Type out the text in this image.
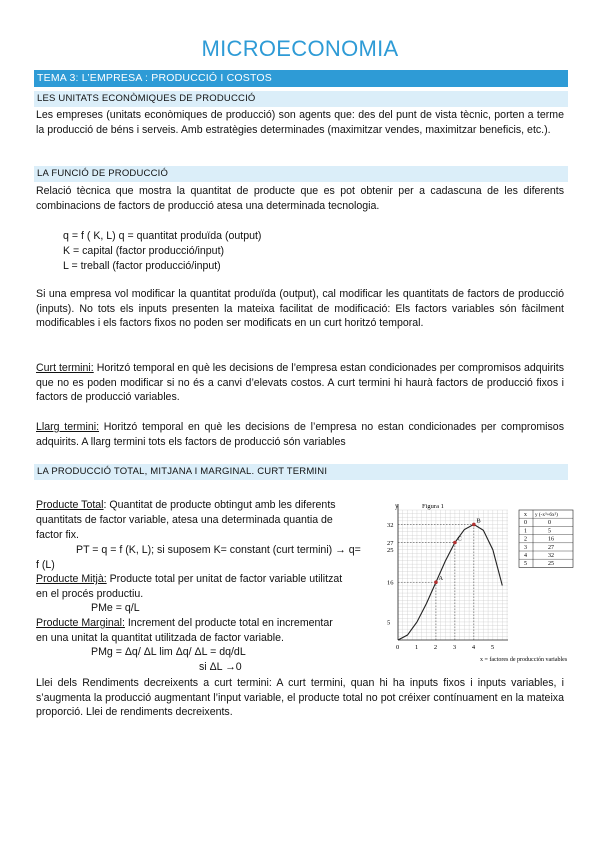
MICROECONOMIA
TEMA 3: L’EMPRESA : PRODUCCIÓ I COSTOS
LES UNITATS ECONÒMIQUES DE PRODUCCIÓ

Les empreses (unitats econòmiques de producció) son agents que: des del punt de vista tècnic, porten a terme la producció de béns i serveis. Amb estratègies determinades (maximitzar vendes, maximitzar beneficis, etc.).

LA FUNCIÓ DE PRODUCCIÓ

Relació tècnica que mostra la quantitat de producte que es pot obtenir per a cadascuna de les diferents combinacions de factors de producció atesa una determinada tecnologia.

q = f ( K, L) q = quantitat produïda (output)

K = capital (factor producció/input)

L = treball (factor producció/input)

Si una empresa vol modificar la quantitat produïda (output), cal modificar les quantitats de factors de producció (inputs). No tots els inputs presenten la mateixa facilitat de modificació: Els factors variables són fàcilment modificables i els factors fixos no poden ser modificats en un curt horitzó temporal.

Curt termini: Horitzó temporal en què les decisions de l’empresa estan condicionades per compromisos adquirits que no es poden modificar si no és a canvi d’elevats costos. A curt termini hi haurà factors de producció fixos i factors de producció variables.

Llarg termini: Horitzó temporal en què les decisions de l’empresa no estan condicionades per compromisos adquirits. A llarg termini tots els factors de producció són variables

LA PRODUCCIÓ TOTAL, MITJANA I MARGINAL. CURT TERMINI

Producte Total: Quantitat de producte obtingut amb les diferents

quantitats de factor variable, atesa una determinada quantia de

factor fix.

PT = q = f (K, L); si suposem K= constant (curt termini) → q=

f (L)

Producte Mitjà: Producte total per unitat de factor variable utilitzat

en el procés productiu.

PMe = q/L

Producte Marginal: Increment del producte total en incrementar

en una unitat la quantitat utilitzada de factor variable.

PMg = Δq/ ΔL lim Δq/ ΔL = dq/dL

si ΔL →0

Llei dels Rendiments decreixents a curt termini: A curt termini, quan hi ha inputs fixos i inputs variables, i s’augmenta la producció augmentant l’input variable, el producte total no pot créixer contínuament en la mateixa proporció. Llei de rendiments decreixents.

y	Figura 1
0 1 2 3 4 5
5
16
25
27
32
A
C
B
x y (-x³+6x²)
0	0
1	5
2	16
3	27
4	32
5	25
x = factores de producción variables
